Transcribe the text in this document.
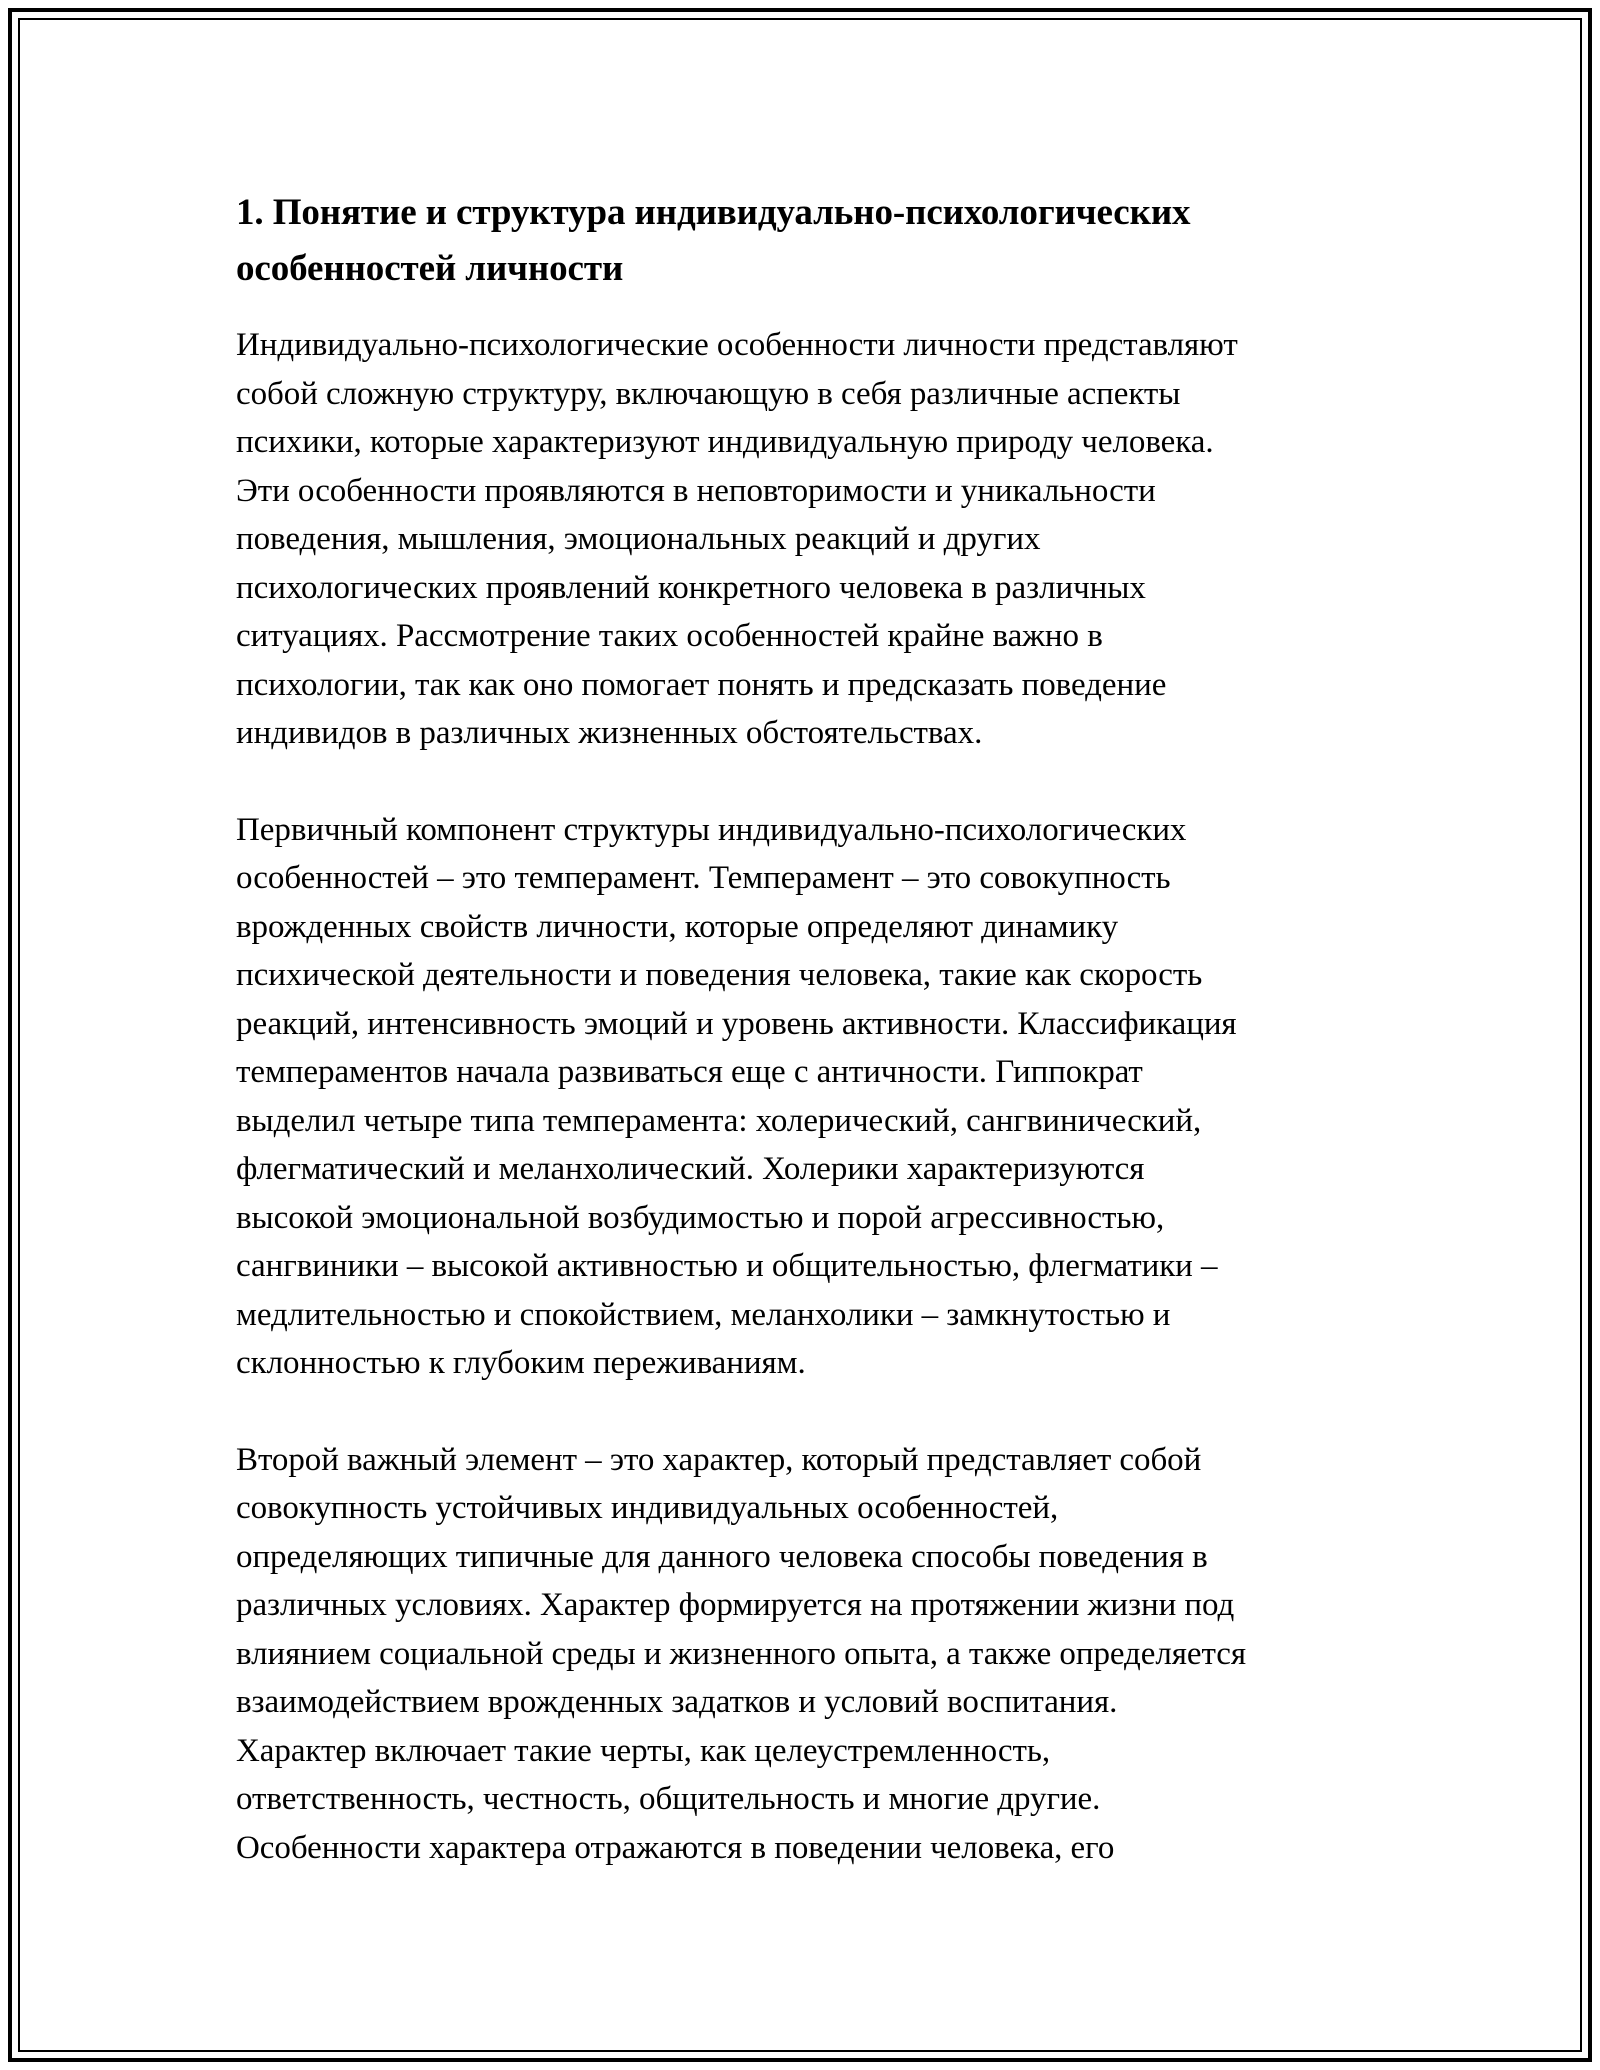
1. Понятие и структура индивидуально-психологических
особенностей личности

Индивидуально-психологические особенности личности представляют
собой сложную структуру, включающую в себя различные аспекты
психики, которые характеризуют индивидуальную природу человека.
Эти особенности проявляются в неповторимости и уникальности
поведения, мышления, эмоциональных реакций и других
психологических проявлений конкретного человека в различных
ситуациях. Рассмотрение таких особенностей крайне важно в
психологии, так как оно помогает понять и предсказать поведение
индивидов в различных жизненных обстоятельствах.

Первичный компонент структуры индивидуально-психологических
особенностей – это темперамент. Темперамент – это совокупность
врожденных свойств личности, которые определяют динамику
психической деятельности и поведения человека, такие как скорость
реакций, интенсивность эмоций и уровень активности. Классификация
темпераментов начала развиваться еще с античности. Гиппократ
выделил четыре типа темперамента: холерический, сангвинический,
флегматический и меланхолический. Холерики характеризуются
высокой эмоциональной возбудимостью и порой агрессивностью,
сангвиники – высокой активностью и общительностью, флегматики –
медлительностью и спокойствием, меланхолики – замкнутостью и
склонностью к глубоким переживаниям.

Второй важный элемент – это характер, который представляет собой
совокупность устойчивых индивидуальных особенностей,
определяющих типичные для данного человека способы поведения в
различных условиях. Характер формируется на протяжении жизни под
влиянием социальной среды и жизненного опыта, а также определяется
взаимодействием врожденных задатков и условий воспитания.
Характер включает такие черты, как целеустремленность,
ответственность, честность, общительность и многие другие.
Особенности характера отражаются в поведении человека, его
